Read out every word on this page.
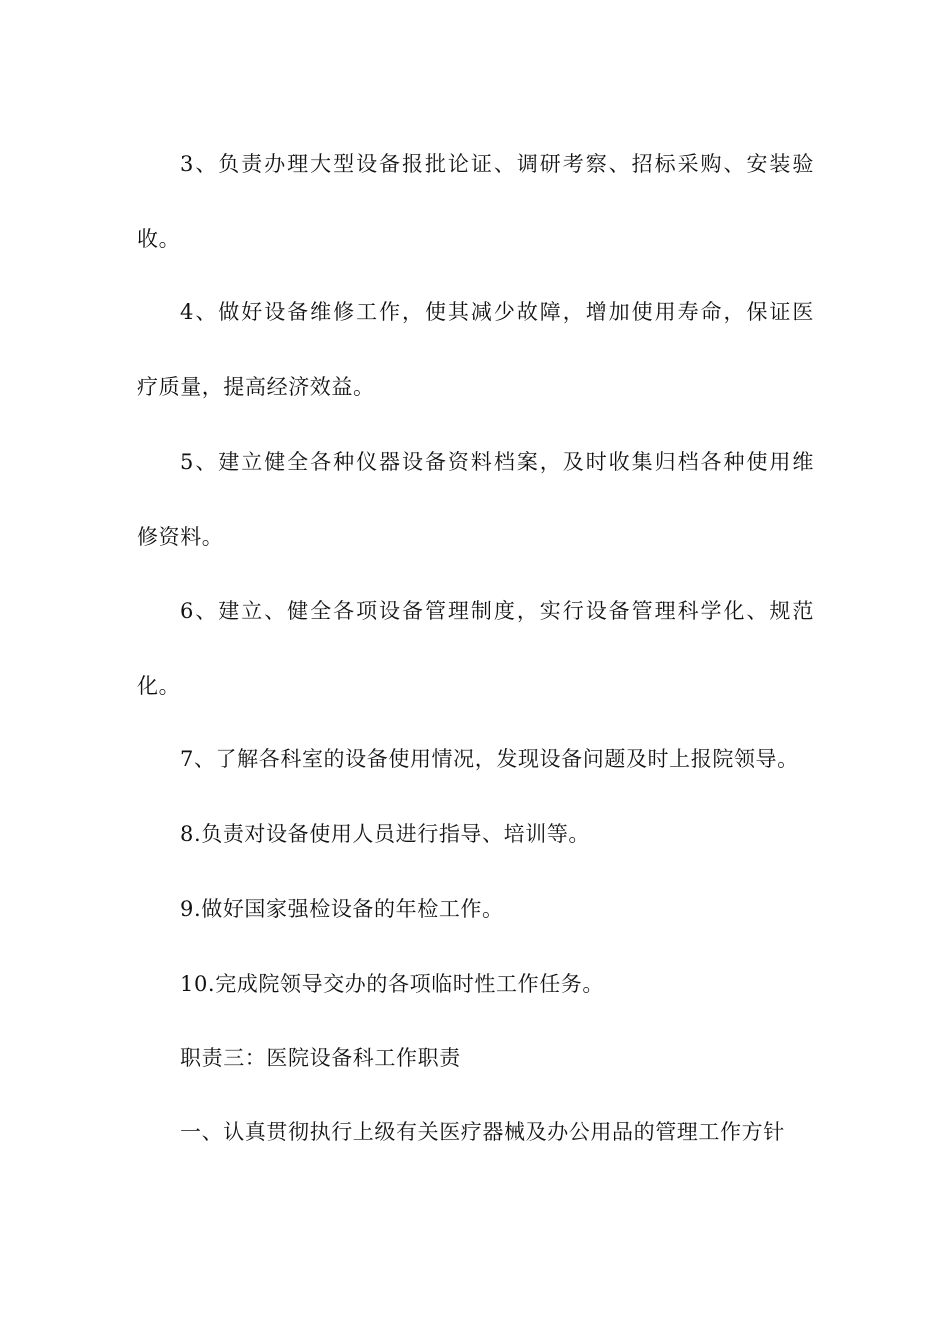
3、负责办理大型设备报批论证、调研考察、招标采购、安装验
收。
4、做好设备维修工作，使其减少故障，增加使用寿命，保证医
疗质量，提高经济效益。
5、建立健全各种仪器设备资料档案，及时收集归档各种使用维
修资料。
6、建立、健全各项设备管理制度，实行设备管理科学化、规范
化。
7、了解各科室的设备使用情况，发现设备问题及时上报院领导。
8.负责对设备使用人员进行指导、培训等。
9.做好国家强检设备的年检工作。
10.完成院领导交办的各项临时性工作任务。
职责三：医院设备科工作职责
一、认真贯彻执行上级有关医疗器械及办公用品的管理工作方针
